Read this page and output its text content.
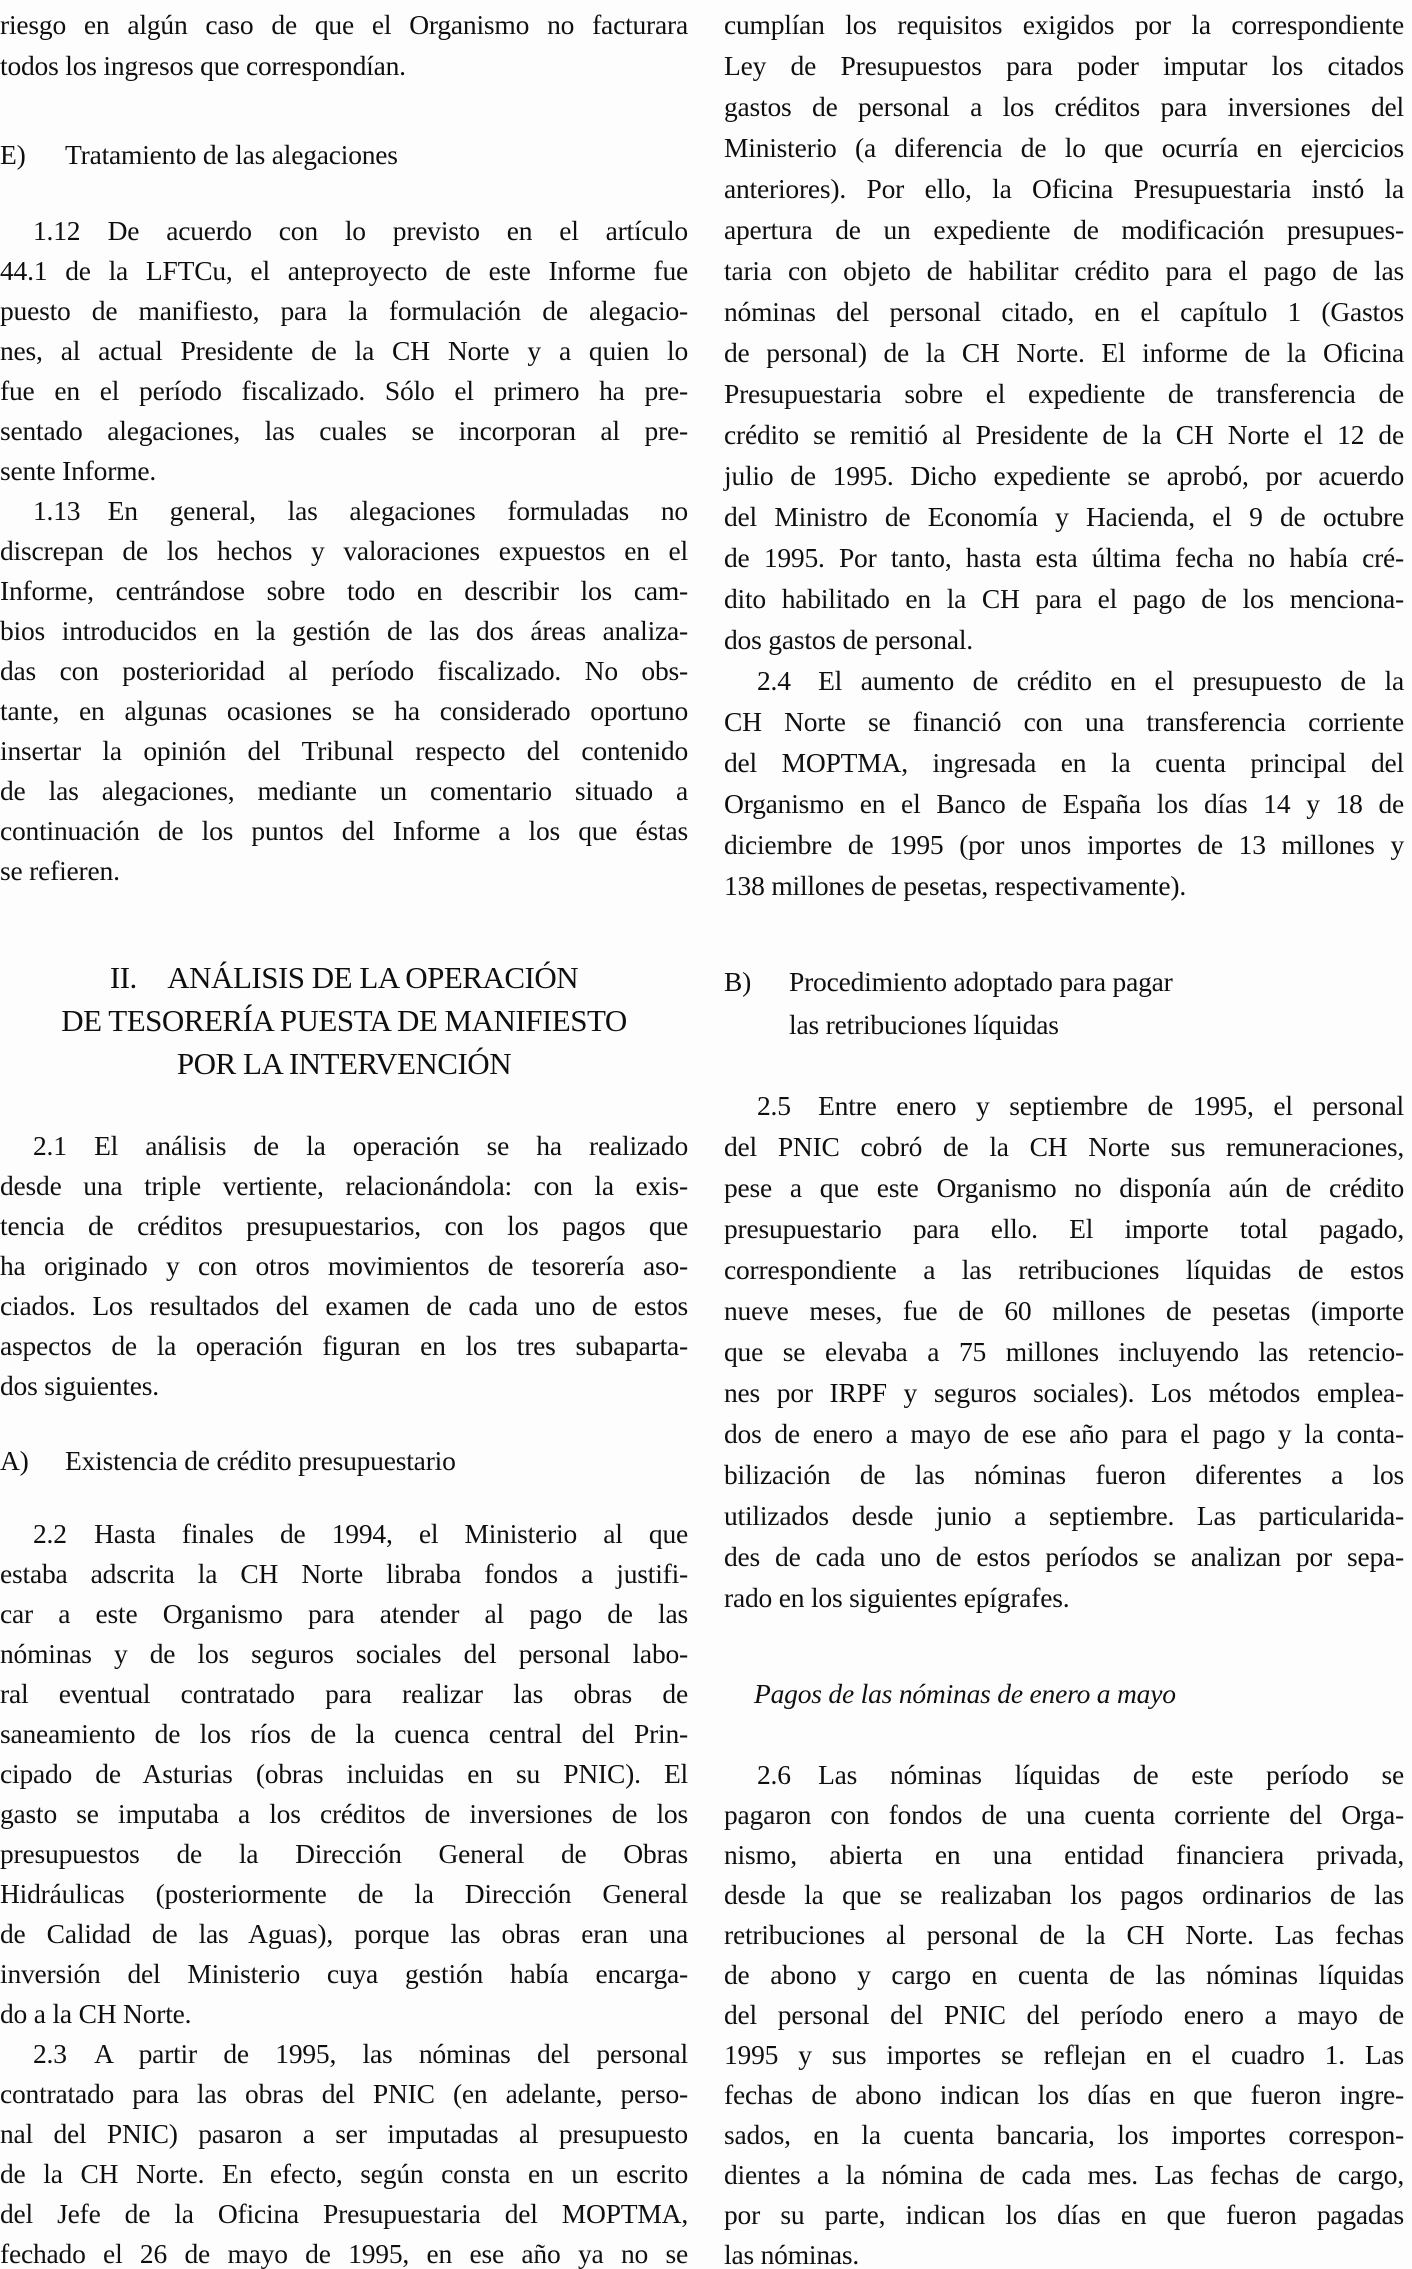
riesgo en algún caso de que el Organismo no facturara
todos los ingresos que correspondían.
E) Tratamiento de las alegaciones
1.12 De acuerdo con lo previsto en el artículo
44.1 de la LFTCu, el anteproyecto de este Informe fue
puesto de manifiesto, para la formulación de alegacio-
nes, al actual Presidente de la CH Norte y a quien lo
fue en el período fiscalizado. Sólo el primero ha pre-
sentado alegaciones, las cuales se incorporan al pre-
sente Informe.
1.13 En general, las alegaciones formuladas no
discrepan de los hechos y valoraciones expuestos en el
Informe, centrándose sobre todo en describir los cam-
bios introducidos en la gestión de las dos áreas analiza-
das con posterioridad al período fiscalizado. No obs-
tante, en algunas ocasiones se ha considerado oportuno
insertar la opinión del Tribunal respecto del contenido
de las alegaciones, mediante un comentario situado a
continuación de los puntos del Informe a los que éstas
se refieren.
II. ANÁLISIS DE LA OPERACIÓN
DE TESORERÍA PUESTA DE MANIFIESTO
POR LA INTERVENCIÓN
2.1 El análisis de la operación se ha realizado
desde una triple vertiente, relacionándola: con la exis-
tencia de créditos presupuestarios, con los pagos que
ha originado y con otros movimientos de tesorería aso-
ciados. Los resultados del examen de cada uno de estos
aspectos de la operación figuran en los tres subaparta-
dos siguientes.
A) Existencia de crédito presupuestario
2.2 Hasta finales de 1994, el Ministerio al que
estaba adscrita la CH Norte libraba fondos a justifi-
car a este Organismo para atender al pago de las
nóminas y de los seguros sociales del personal labo-
ral eventual contratado para realizar las obras de
saneamiento de los ríos de la cuenca central del Prin-
cipado de Asturias (obras incluidas en su PNIC). El
gasto se imputaba a los créditos de inversiones de los
presupuestos de la Dirección General de Obras
Hidráulicas (posteriormente de la Dirección General
de Calidad de las Aguas), porque las obras eran una
inversión del Ministerio cuya gestión había encarga-
do a la CH Norte.
2.3 A partir de 1995, las nóminas del personal
contratado para las obras del PNIC (en adelante, perso-
nal del PNIC) pasaron a ser imputadas al presupuesto
de la CH Norte. En efecto, según consta en un escrito
del Jefe de la Oficina Presupuestaria del MOPTMA,
fechado el 26 de mayo de 1995, en ese año ya no se
cumplían los requisitos exigidos por la correspondiente
Ley de Presupuestos para poder imputar los citados
gastos de personal a los créditos para inversiones del
Ministerio (a diferencia de lo que ocurría en ejercicios
anteriores). Por ello, la Oficina Presupuestaria instó la
apertura de un expediente de modificación presupues-
taria con objeto de habilitar crédito para el pago de las
nóminas del personal citado, en el capítulo 1 (Gastos
de personal) de la CH Norte. El informe de la Oficina
Presupuestaria sobre el expediente de transferencia de
crédito se remitió al Presidente de la CH Norte el 12 de
julio de 1995. Dicho expediente se aprobó, por acuerdo
del Ministro de Economía y Hacienda, el 9 de octubre
de 1995. Por tanto, hasta esta última fecha no había cré-
dito habilitado en la CH para el pago de los menciona-
dos gastos de personal.
2.4 El aumento de crédito en el presupuesto de la
CH Norte se financió con una transferencia corriente
del MOPTMA, ingresada en la cuenta principal del
Organismo en el Banco de España los días 14 y 18 de
diciembre de 1995 (por unos importes de 13 millones y
138 millones de pesetas, respectivamente).
B) Procedimiento adoptado para pagar
las retribuciones líquidas
2.5 Entre enero y septiembre de 1995, el personal
del PNIC cobró de la CH Norte sus remuneraciones,
pese a que este Organismo no disponía aún de crédito
presupuestario para ello. El importe total pagado,
correspondiente a las retribuciones líquidas de estos
nueve meses, fue de 60 millones de pesetas (importe
que se elevaba a 75 millones incluyendo las retencio-
nes por IRPF y seguros sociales). Los métodos emplea-
dos de enero a mayo de ese año para el pago y la conta-
bilización de las nóminas fueron diferentes a los
utilizados desde junio a septiembre. Las particularida-
des de cada uno de estos períodos se analizan por sepa-
rado en los siguientes epígrafes.
Pagos de las nóminas de enero a mayo
2.6 Las nóminas líquidas de este período se
pagaron con fondos de una cuenta corriente del Orga-
nismo, abierta en una entidad financiera privada,
desde la que se realizaban los pagos ordinarios de las
retribuciones al personal de la CH Norte. Las fechas
de abono y cargo en cuenta de las nóminas líquidas
del personal del PNIC del período enero a mayo de
1995 y sus importes se reflejan en el cuadro 1. Las
fechas de abono indican los días en que fueron ingre-
sados, en la cuenta bancaria, los importes correspon-
dientes a la nómina de cada mes. Las fechas de cargo,
por su parte, indican los días en que fueron pagadas
las nóminas.
